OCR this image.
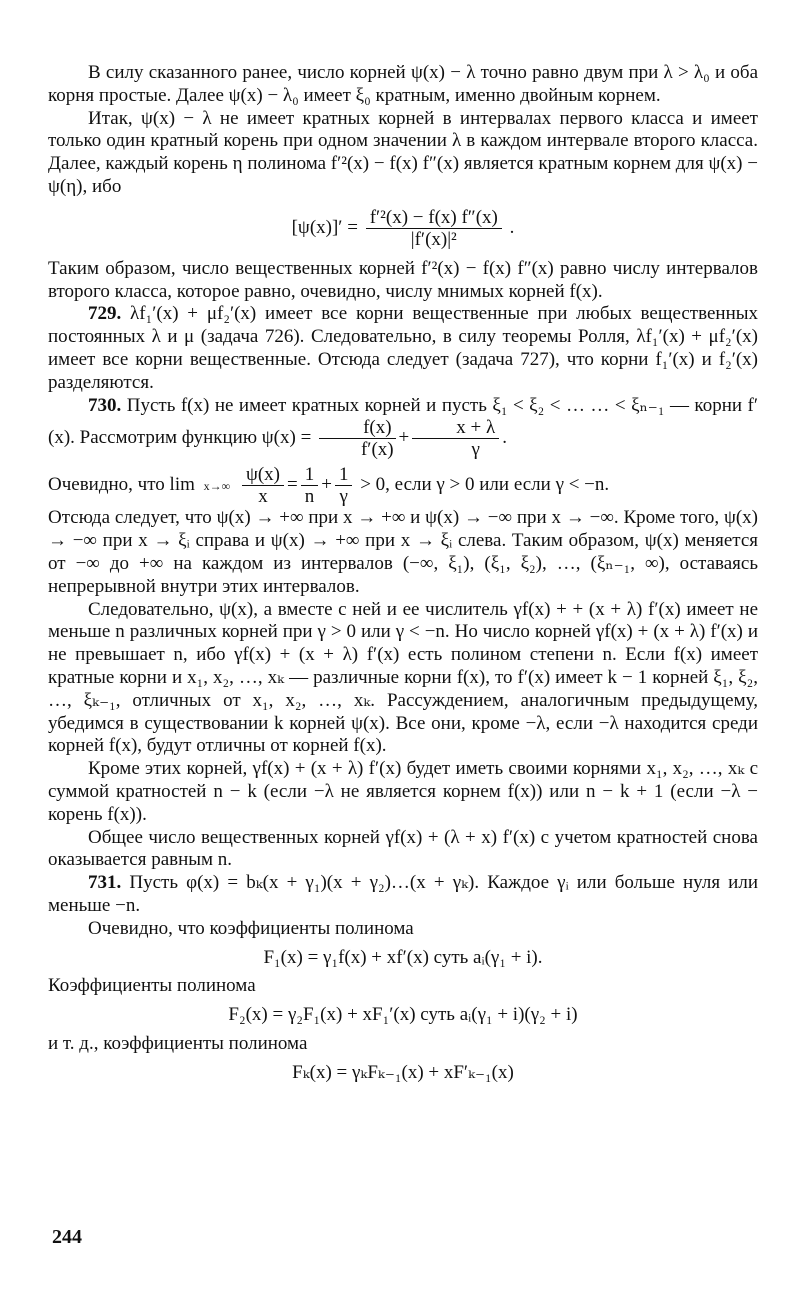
В силу сказанного ранее, число корней ψ(x) − λ точно равно двум при λ > λ₀ и оба корня простые. Далее ψ(x) − λ₀ имеет ξ₀ кратным, именно двойным корнем.

Итак, ψ(x) − λ не имеет кратных корней в интервалах первого класса и имеет только один кратный корень при одном значении λ в каждом интервале второго класса. Далее, каждый корень η полинома f′²(x) − f(x) f″(x) является кратным корнем для ψ(x) − ψ(η), ибо

$[\psi(x)]' = \frac{\text{f′²(x) − f(x) f″(x)}}{\text{|f′(x)|²}}$ .

Таким образом, число вещественных корней f′²(x) − f(x) f″(x) равно числу интервалов второго класса, которое равно, очевидно, числу мнимых корней f(x).

729. λf₁′(x) + μf₂′(x) имеет все корни вещественные при любых вещественных постоянных λ и μ (задача 726). Следовательно, в силу теоремы Ролля, λf₁′(x) + μf₂′(x) имеет все корни вещественные. Отсюда следует (задача 727), что корни f₁′(x) и f₂′(x) разделяются.

730. Пусть f(x) не имеет кратных корней и пусть ξ₁ < ξ₂ < … … < ξₙ₋₁ — корни f′(x). Рассмотрим функцию $\psi(x) = \frac{f(x)}{f'(x)} + \frac{x + \lambda}{\gamma}$ .

Очевидно, что lim x→∞
$\frac{\psi(x)}{x} = \frac{1}{n} + \frac{1}{\gamma} > 0$, если γ > 0 или если γ < −n.

Отсюда следует, что ψ(x) → +∞ при x → +∞ и ψ(x) → −∞ при x → −∞. Кроме того, ψ(x) → −∞ при x → ξᵢ справа и ψ(x) → +∞ при x → ξᵢ слева. Таким образом, ψ(x) меняется от −∞ до +∞ на каждом из интервалов (−∞, ξ₁), (ξ₁, ξ₂), …, (ξₙ₋₁, ∞), оставаясь непрерывной внутри этих интервалов.

Следовательно, ψ(x), а вместе с ней и ее числитель γf(x) + + (x + λ) f′(x) имеет не меньше n различных корней при γ > 0 или γ < −n. Но число корней γf(x) + (x + λ) f′(x) и не превышает n, ибо γf(x) + (x + λ) f′(x) есть полином степени n. Если f(x) имеет кратные корни и x₁, x₂, …, xₖ — различные корни f(x), то f′(x) имеет k − 1 корней ξ₁, ξ₂, …, ξₖ₋₁, отличных от x₁, x₂, …, xₖ. Рассуждением, аналогичным предыдущему, убедимся в существовании k корней ψ(x). Все они, кроме −λ, если −λ находится среди корней f(x), будут отличны от корней f(x).

Кроме этих корней, γf(x) + (x + λ) f′(x) будет иметь своими корнями x₁, x₂, …, xₖ с суммой кратностей n − k (если −λ не является корнем f(x)) или n − k + 1 (если −λ − корень f(x)).

Общее число вещественных корней γf(x) + (λ + x) f′(x) с учетом кратностей снова оказывается равным n.

731. Пусть φ(x) = bₖ(x + γ₁)(x + γ₂)…(x + γₖ). Каждое γᵢ или больше нуля или меньше −n.

Очевидно, что коэффициенты полинома

F₁(x) = γ₁f(x) + xf′(x) суть aᵢ(γ₁ + i).

Коэффициенты полинома

F₂(x) = γ₂F₁(x) + xF₁′(x) суть aᵢ(γ₁ + i)(γ₂ + i)

и т. д., коэффициенты полинома

Fₖ(x) = γₖFₖ₋₁(x) + xF′ₖ₋₁(x)

244
